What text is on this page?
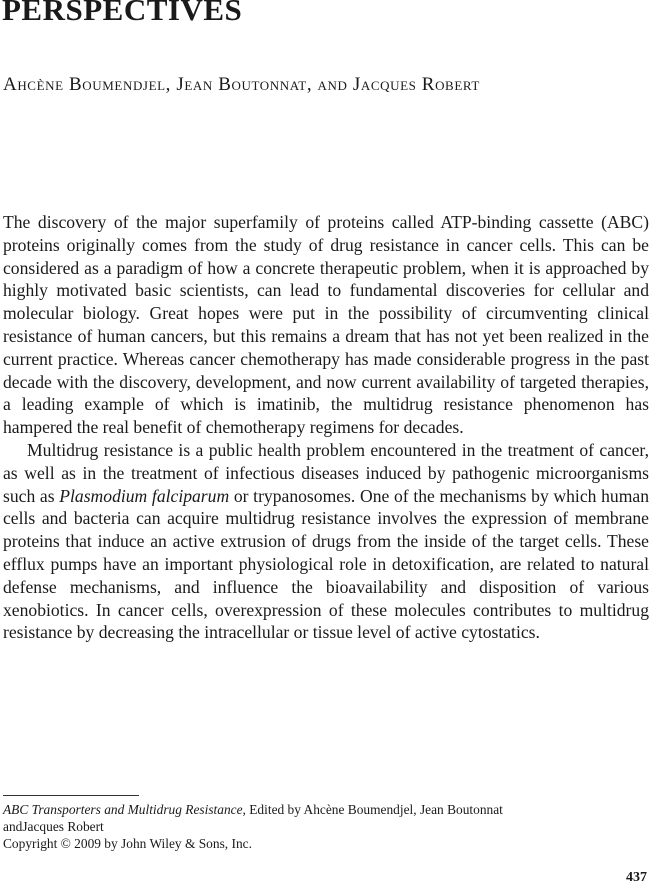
PERSPECTIVES
Ahcène Boumendjel, Jean Boutonnat, and Jacques Robert

The discovery of the major superfamily of proteins called ATP-binding cassette (ABC) proteins originally comes from the study of drug resistance in cancer cells. This can be considered as a paradigm of how a concrete therapeutic problem, when it is approached by highly motivated basic scientists, can lead to fundamental discoveries for cellular and molecular biology. Great hopes were put in the possibility of circumventing clinical resistance of human cancers, but this remains a dream that has not yet been realized in the current practice. Whereas cancer chemotherapy has made considerable progress in the past decade with the discovery, development, and now current availability of targeted therapies, a leading example of which is imatinib, the multidrug resistance phenomenon has hampered the real benefit of chemotherapy regimens for decades.

Multidrug resistance is a public health problem encountered in the treatment of cancer, as well as in the treatment of infectious diseases induced by pathogenic microorganisms such as Plasmodium falciparum or trypanosomes. One of the mechanisms by which human cells and bacteria can acquire multidrug resistance involves the expression of membrane proteins that induce an active extrusion of drugs from the inside of the target cells. These efflux pumps have an important physiological role in detoxification, are related to natural defense mechanisms, and influence the bioavailability and disposition of various xenobiotics. In cancer cells, overexpression of these molecules contributes to multidrug resistance by decreasing the intracellular or tissue level of active cytostatics.

ABC Transporters and Multidrug Resistance, Edited by Ahcène Boumendjel, Jean Boutonnat
andJacques Robert
Copyright © 2009 by John Wiley & Sons, Inc.
437
